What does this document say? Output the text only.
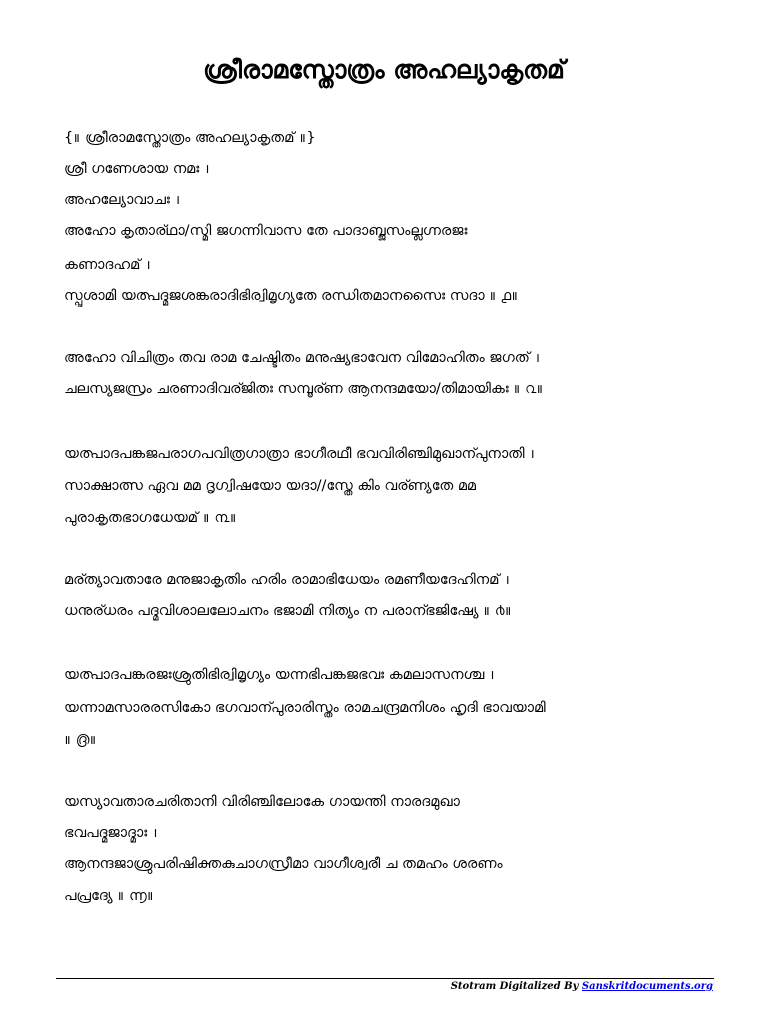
ശ്രീരാമസ്തോത്രം അഹല്യാകൃതമ്
{॥ ശ്രീരാമസ്തോത്രം അഹല്യാകൃതമ് ॥}
ശ്രീ ഗണേശായ നമഃ ।
അഹല്യോവാചഃ ।
അഹോ കൃതാര്ഥാ/സ്മി ജഗന്നിവാസ തേ പാദാബ്ജസംല്ലഗ്നരജഃ
കണാദഹമ് ।
സ്പൃശാമി യത്പദ്മജശങ്കരാദിഭിര്വിമൃഗ്യതേ രന്ധിതമാനസൈഃ സദാ ॥ ൧॥
അഹോ വിചിത്രം തവ രാമ ചേഷ്ടിതം മനുഷ്യഭാവേന വിമോഹിതം ജഗത് ।
ചലസ്യജസ്രം ചരണാദിവര്ജിതഃ സമ്പൂര്ണ ആനന്ദമയോ/തിമായികഃ ॥ ൨॥
യത്പാദപങ്കജപരാഗപവിത്രഗാത്രാ ഭാഗീരഥീ ഭവവിരിഞ്ചിമുഖാന്പുനാതി ।
സാക്ഷാത്സ ഏവ മമ ദൃഗ്വിഷയോ യദാ//സ്തേ കിം വര്ണ്യതേ മമ
പുരാകൃതഭാഗധേയമ് ॥ ൩॥
മര്ത്യാവതാരേ മനുജാകൃതിം ഹരിം രാമാഭിധേയം രമണീയദേഹിനമ് ।
ധനുര്ധരം പദ്മവിശാലലോചനം ഭജാമി നിത്യം ന പരാന്ഭജിഷ്യേ ॥ ൪॥
യത്പാദപങ്കരജഃശ്രുതിഭിര്വിമൃഗ്യം യന്നഭിപങ്കജഭവഃ കമലാസനശ്ച ।
യന്നാമസാരരസികോ ഭഗവാന്പുരാരിസ്തം രാമചന്ദ്രമനിശം ഹൃദി ഭാവയാമി
॥ ൫॥
യസ്യാവതാരചരിതാനി വിരിഞ്ചിലോകേ ഗായന്തി നാരദമുഖാ
ഭവപദ്മജാദ്മാഃ ।
ആനന്ദജാശ്രുപരിഷിക്തകുചാഗസ്രീമാ വാഗീശ്വരീ ച തമഹം ശരണം
പപ്രദ്യേ ॥ ൬॥
Stotram Digitalized By Sanskritdocuments.org
